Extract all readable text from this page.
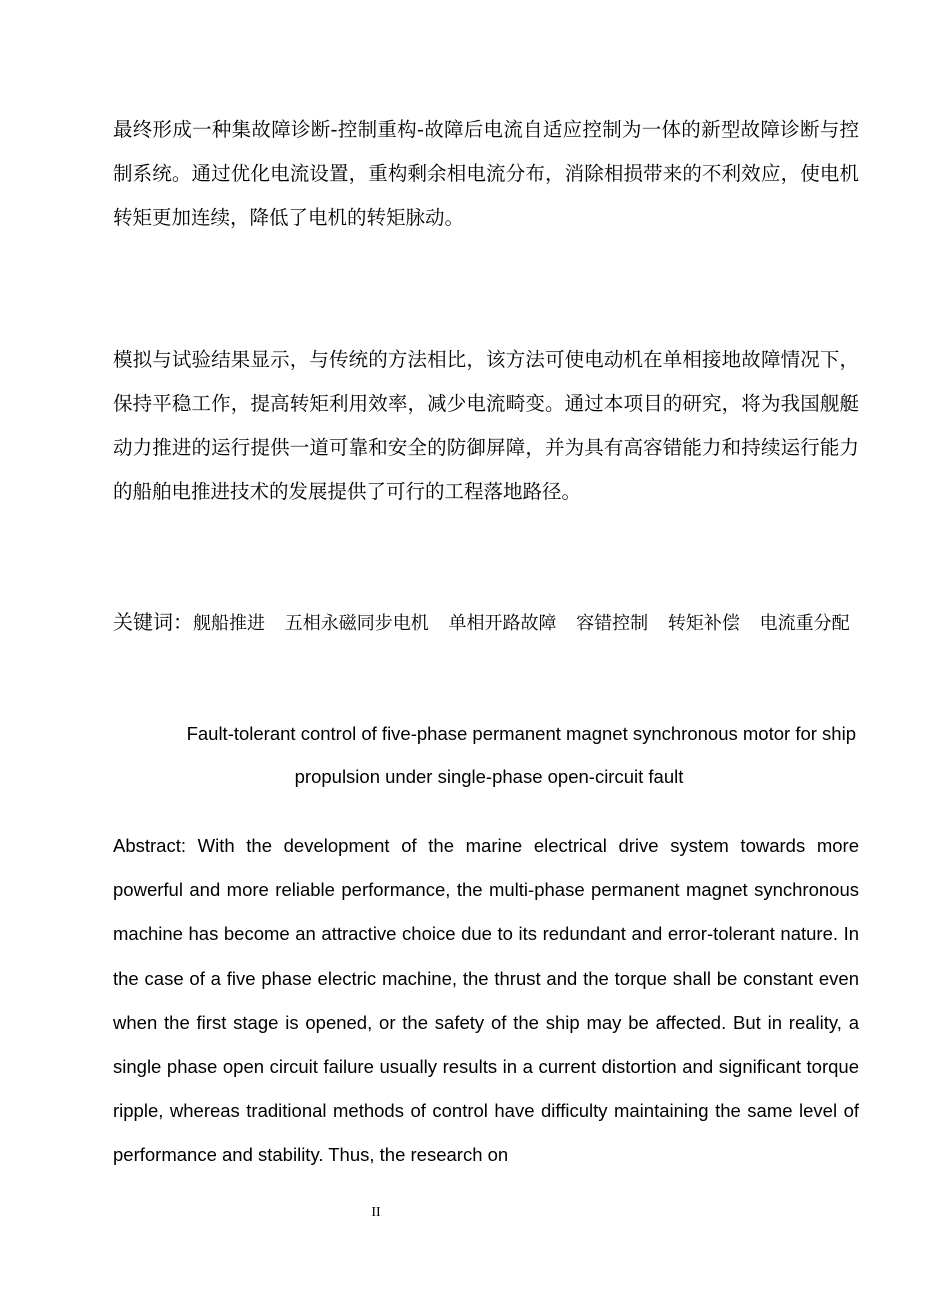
最终形成一种集故障诊断-控制重构-故障后电流自适应控制为一体的新型故障诊断与控制系统。通过优化电流设置，重构剩余相电流分布，消除相损带来的不利效应，使电机转矩更加连续，降低了电机的转矩脉动。

模拟与试验结果显示，与传统的方法相比，该方法可使电动机在单相接地故障情况下，保持平稳工作，提高转矩利用效率，减少电流畸变。通过本项目的研究，将为我国舰艇动力推进的运行提供一道可靠和安全的防御屏障，并为具有高容错能力和持续运行能力的船舶电推进技术的发展提供了可行的工程落地路径。

关键词：舰船推进 五相永磁同步电机 单相开路故障 容错控制 转矩补偿 电流重分配

Fault-tolerant control of five-phase permanent magnet synchronous motor for ship
propulsion under single-phase open-circuit fault

Abstract: With the development of the marine electrical drive system towards more powerful and more reliable performance, the multi-phase permanent magnet synchronous machine has become an attractive choice due to its redundant and error-tolerant nature. In the case of a five phase electric machine, the thrust and the torque shall be constant even when the first stage is opened, or the safety of the ship may be affected. But in reality, a single phase open circuit failure usually results in a current distortion and significant torque ripple, whereas traditional methods of control have difficulty maintaining the same level of performance and stability. Thus, the research on

II
